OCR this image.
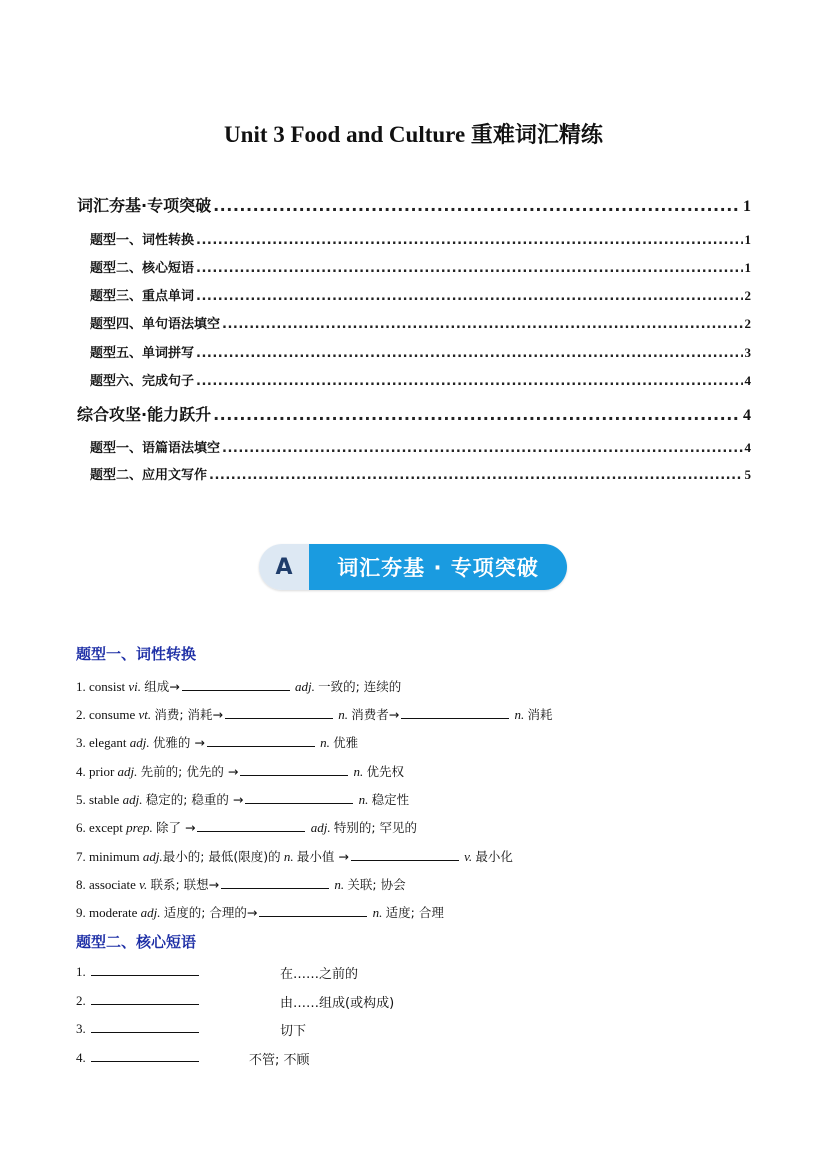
Unit 3 Food and Culture 重难词汇精练
词汇夯基·专项突破 .....	1
题型一、词性转换 .....	1
题型二、核心短语 .....	1
题型三、重点单词 .....	2
题型四、单句语法填空 .....	2
题型五、单词拼写 .....	3
题型六、完成句子 .....	4
综合攻坚·能力跃升 .....	4
题型一、语篇语法填空 .....	4
题型二、应用文写作 .....	5
A	词汇夯基 · 专项突破
题型一、词性转换
1. consist vi. 组成→	adj. 一致的; 连续的
2. consume vt. 消费; 消耗→	n. 消费者→	n. 消耗
3. elegant adj. 优雅的 →	n. 优雅
4. prior adj. 先前的; 优先的 →	n. 优先权
5. stable adj. 稳定的; 稳重的 →	n. 稳定性
6. except prep. 除了 →	adj. 特别的; 罕见的
7. minimum adj.最小的; 最低(限度)的 n. 最小值 →	v. 最小化
8. associate v. 联系; 联想→	n. 关联; 协会
9. moderate adj. 适度的; 合理的→	n. 适度; 合理
题型二、核心短语
1.	在……之前的
2.	由……组成(或构成)
3.	切下
4.	不管; 不顾
